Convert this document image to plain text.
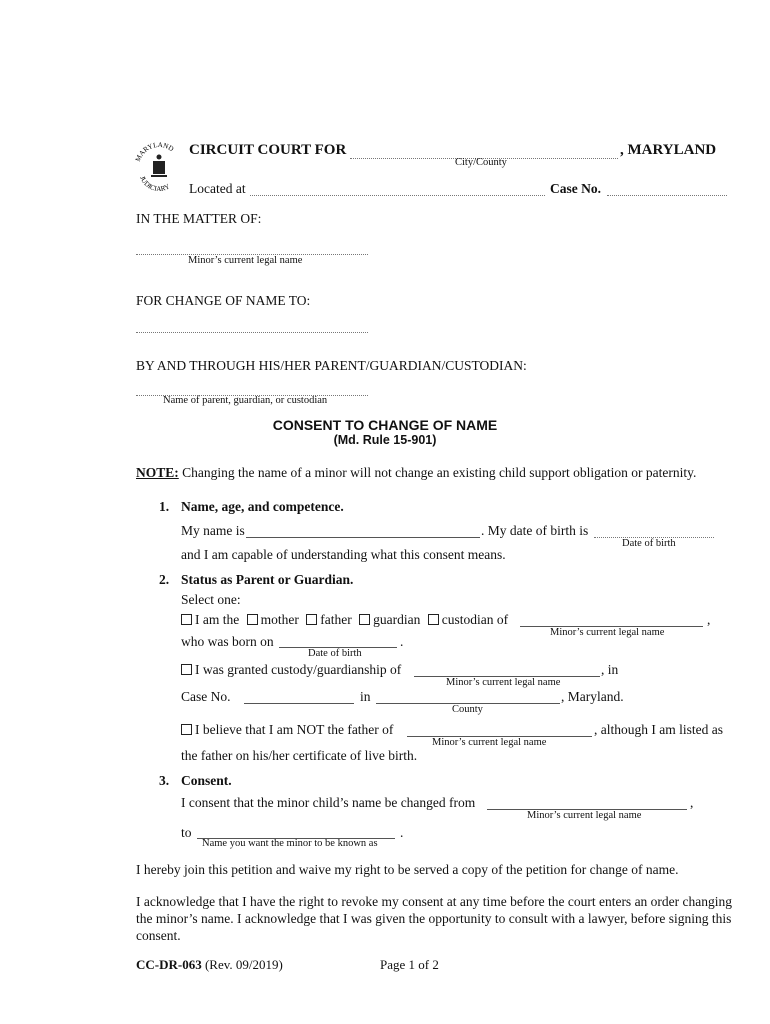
MARYLAND
JUDICIARY
CIRCUIT COURT FOR	, MARYLAND
City/County
Located at	Case No.
IN THE MATTER OF:
Minor’s current legal name
FOR CHANGE OF NAME TO:
BY AND THROUGH HIS/HER PARENT/GUARDIAN/CUSTODIAN:
Name of parent, guardian, or custodian
CONSENT TO CHANGE OF NAME
(Md. Rule 15-901)
NOTE: Changing the name of a minor will not change an existing child support obligation or paternity.
1. Name, age, and competence.
My name is	. My date of birth is
Date of birth
and I am capable of understanding what this consent means.
2. Status as Parent or Guardian.
Select one:
I am the mother father guardian custodian of	,
Minor’s current legal name
who was born on	.
Date of birth
I was granted custody/guardianship of	, in
Minor’s current legal name
Case No.	in	, Maryland.
County
I believe that I am NOT the father of	, although I am listed as
Minor’s current legal name
the father on his/her certificate of live birth.
3. Consent.
I consent that the minor child’s name be changed from	,
Minor’s current legal name
to	.
Name you want the minor to be known as
I hereby join this petition and waive my right to be served a copy of the petition for change of name.
I acknowledge that I have the right to revoke my consent at any time before the court enters an order changing the minor’s name. I acknowledge that I was given the opportunity to consult with a lawyer, before signing this consent.
CC-DR-063 (Rev. 09/2019)	Page 1 of 2
